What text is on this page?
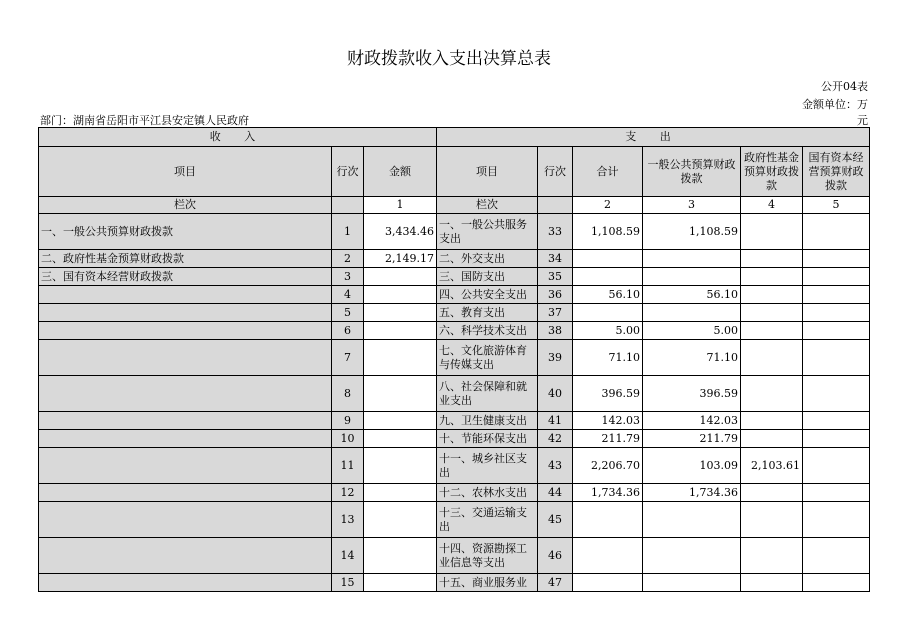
财政拨款收入支出决算总表
公开04表
金额单位：万
部门：湖南省岳阳市平江县安定镇人民政府	元
收 入			支 出					
项目	行次	金额	项目	行次	合计	一般公共预算财政拨款	政府性基金预算财政拨款	国有资本经营预算财政拨款
栏次		1	栏次		2	3	4	5
一、一般公共预算财政拨款	1	3,434.46	一、一般公共服务支出	33	1,108.59	1,108.59		
二、政府性基金预算财政拨款	2	2,149.17	二、外交支出	34				
三、国有资本经营财政拨款	3		三、国防支出	35				
	4		四、公共安全支出	36	56.10	56.10		
	5		五、教育支出	37				
	6		六、科学技术支出	38	5.00	5.00		
	7		七、文化旅游体育与传媒支出	39	71.10	71.10		
	8		八、社会保障和就业支出	40	396.59	396.59		
	9		九、卫生健康支出	41	142.03	142.03		
	10		十、节能环保支出	42	211.79	211.79		
	11		十一、城乡社区支出	43	2,206.70	103.09	2,103.61	
	12		十二、农林水支出	44	1,734.36	1,734.36		
	13		十三、交通运输支出	45				
	14		十四、资源勘探工业信息等支出	46				
	15		十五、商业服务业	47				
